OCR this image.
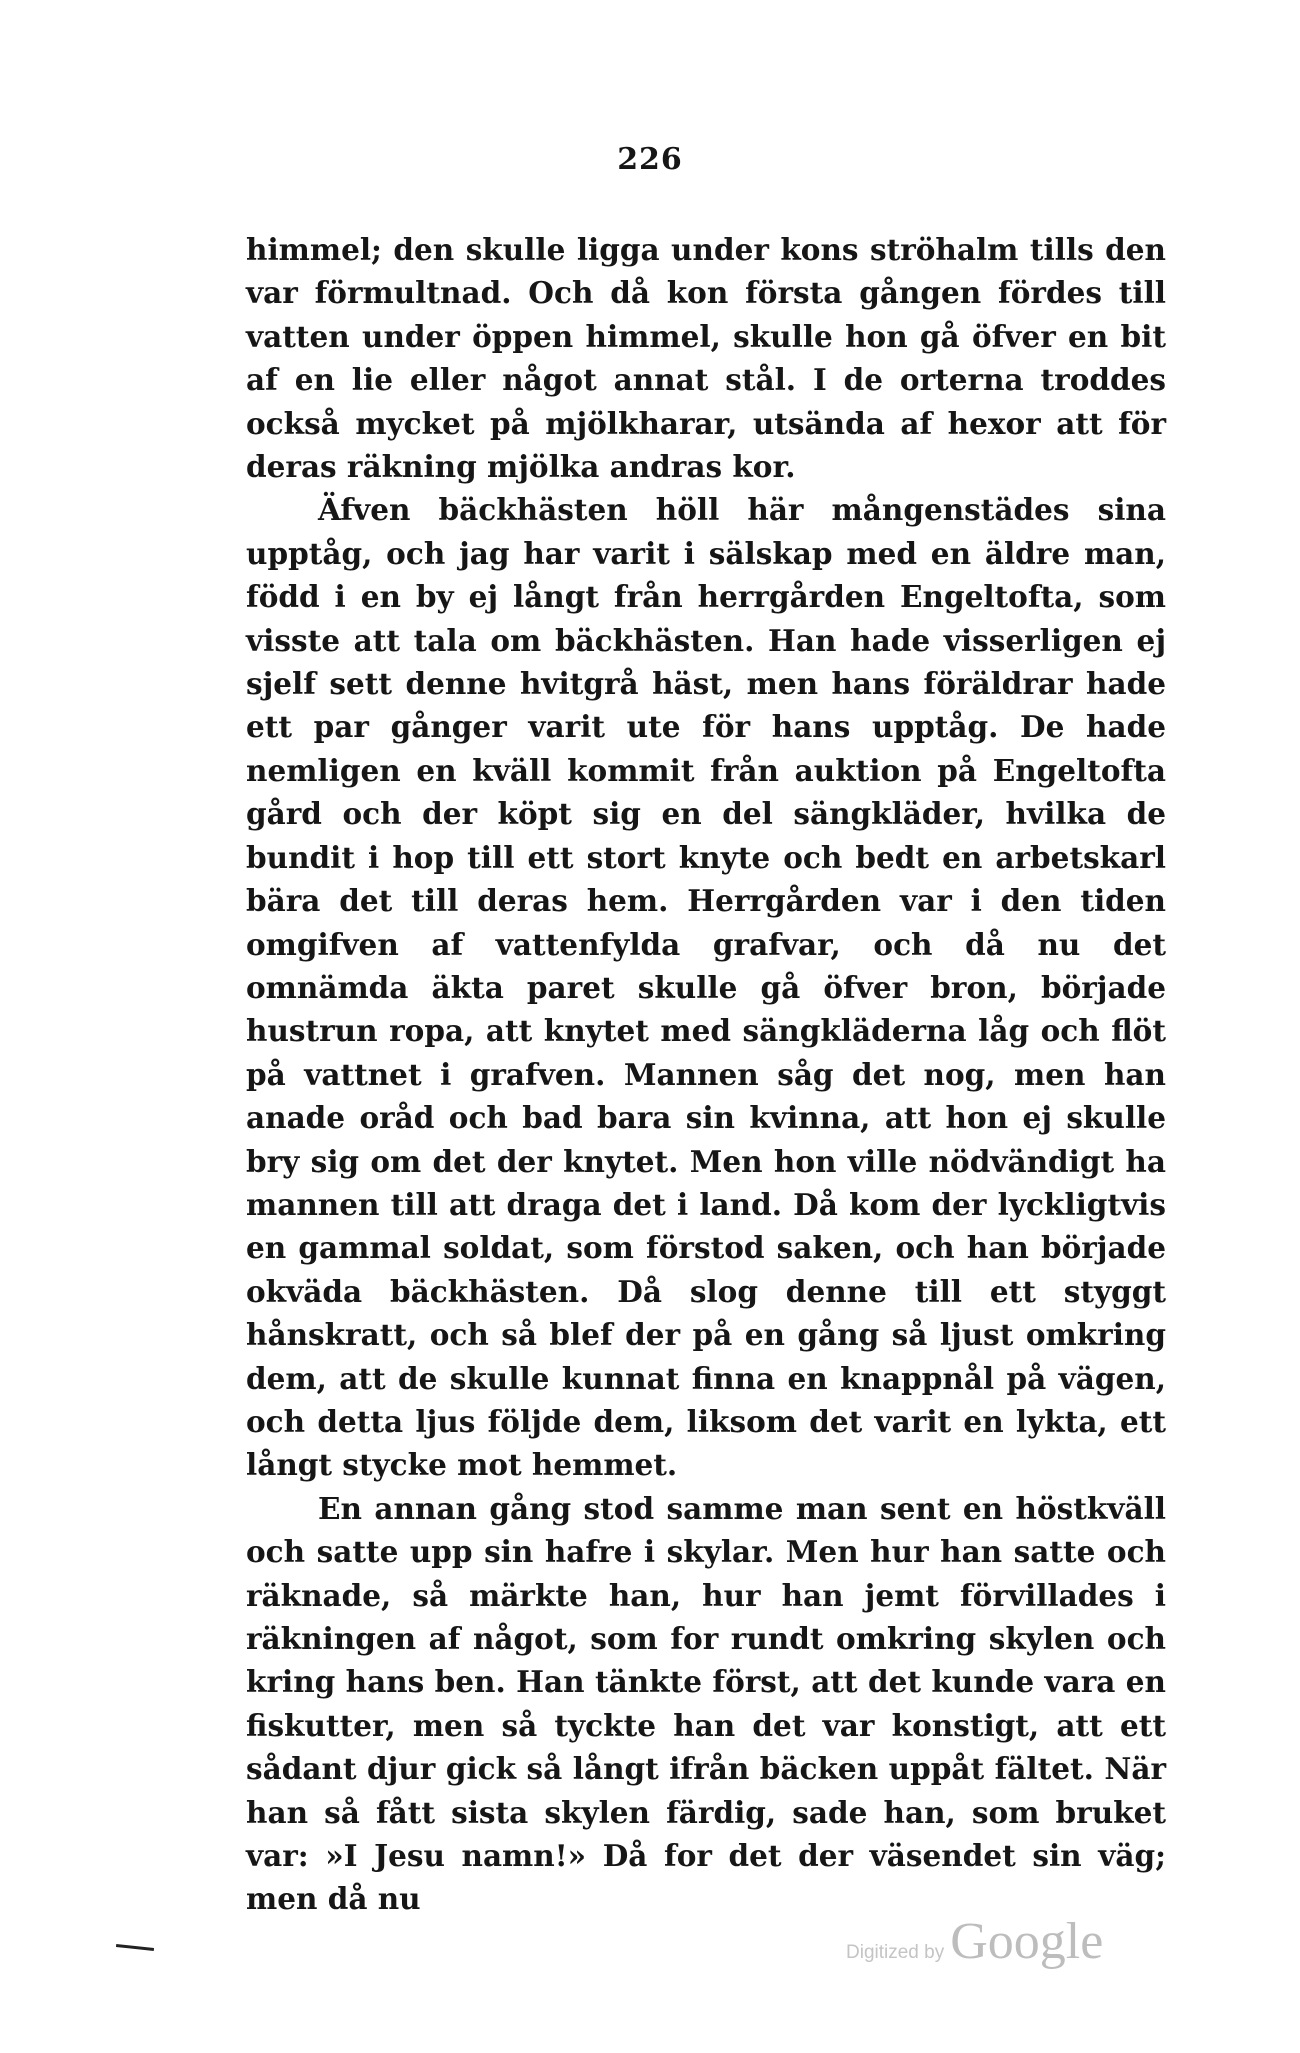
226

himmel; den skulle ligga under kons ströhalm tills den var förmultnad. Och då kon första gången fördes till vatten under öppen himmel, skulle hon gå öfver en bit af en lie eller något annat stål. I de orterna troddes också mycket på mjölkharar, utsända af hexor att för deras räkning mjölka andras kor.

Äfven bäckhästen höll här mångenstädes sina upptåg, och jag har varit i sälskap med en äldre man, född i en by ej långt från herrgården Engeltofta, som visste att tala om bäckhästen. Han hade visserligen ej sjelf sett denne hvitgrå häst, men hans föräldrar hade ett par gånger varit ute för hans upptåg. De hade nemligen en kväll kommit från auktion på Engeltofta gård och der köpt sig en del sängkläder, hvilka de bundit i hop till ett stort knyte och bedt en arbetskarl bära det till deras hem. Herrgården var i den tiden omgifven af vattenfylda grafvar, och då nu det omnämda äkta paret skulle gå öfver bron, började hustrun ropa, att knytet med sängkläderna låg och flöt på vattnet i grafven. Mannen såg det nog, men han anade oråd och bad bara sin kvinna, att hon ej skulle bry sig om det der knytet. Men hon ville nödvändigt ha mannen till att draga det i land. Då kom der lyckligtvis en gammal soldat, som förstod saken, och han började okväda bäckhästen. Då slog denne till ett styggt hånskratt, och så blef der på en gång så ljust omkring dem, att de skulle kunnat finna en knappnål på vägen, och detta ljus följde dem, liksom det varit en lykta, ett långt stycke mot hemmet.

En annan gång stod samme man sent en höstkväll och satte upp sin hafre i skylar. Men hur han satte och räknade, så märkte han, hur han jemt förvillades i räkningen af något, som for rundt omkring skylen och kring hans ben. Han tänkte först, att det kunde vara en fiskutter, men så tyckte han det var konstigt, att ett sådant djur gick så långt ifrån bäcken uppåt fältet. När han så fått sista skylen färdig, sade han, som bruket var: »I Jesu namn!» Då for det der väsendet sin väg; men då nu

Digitized by Google
